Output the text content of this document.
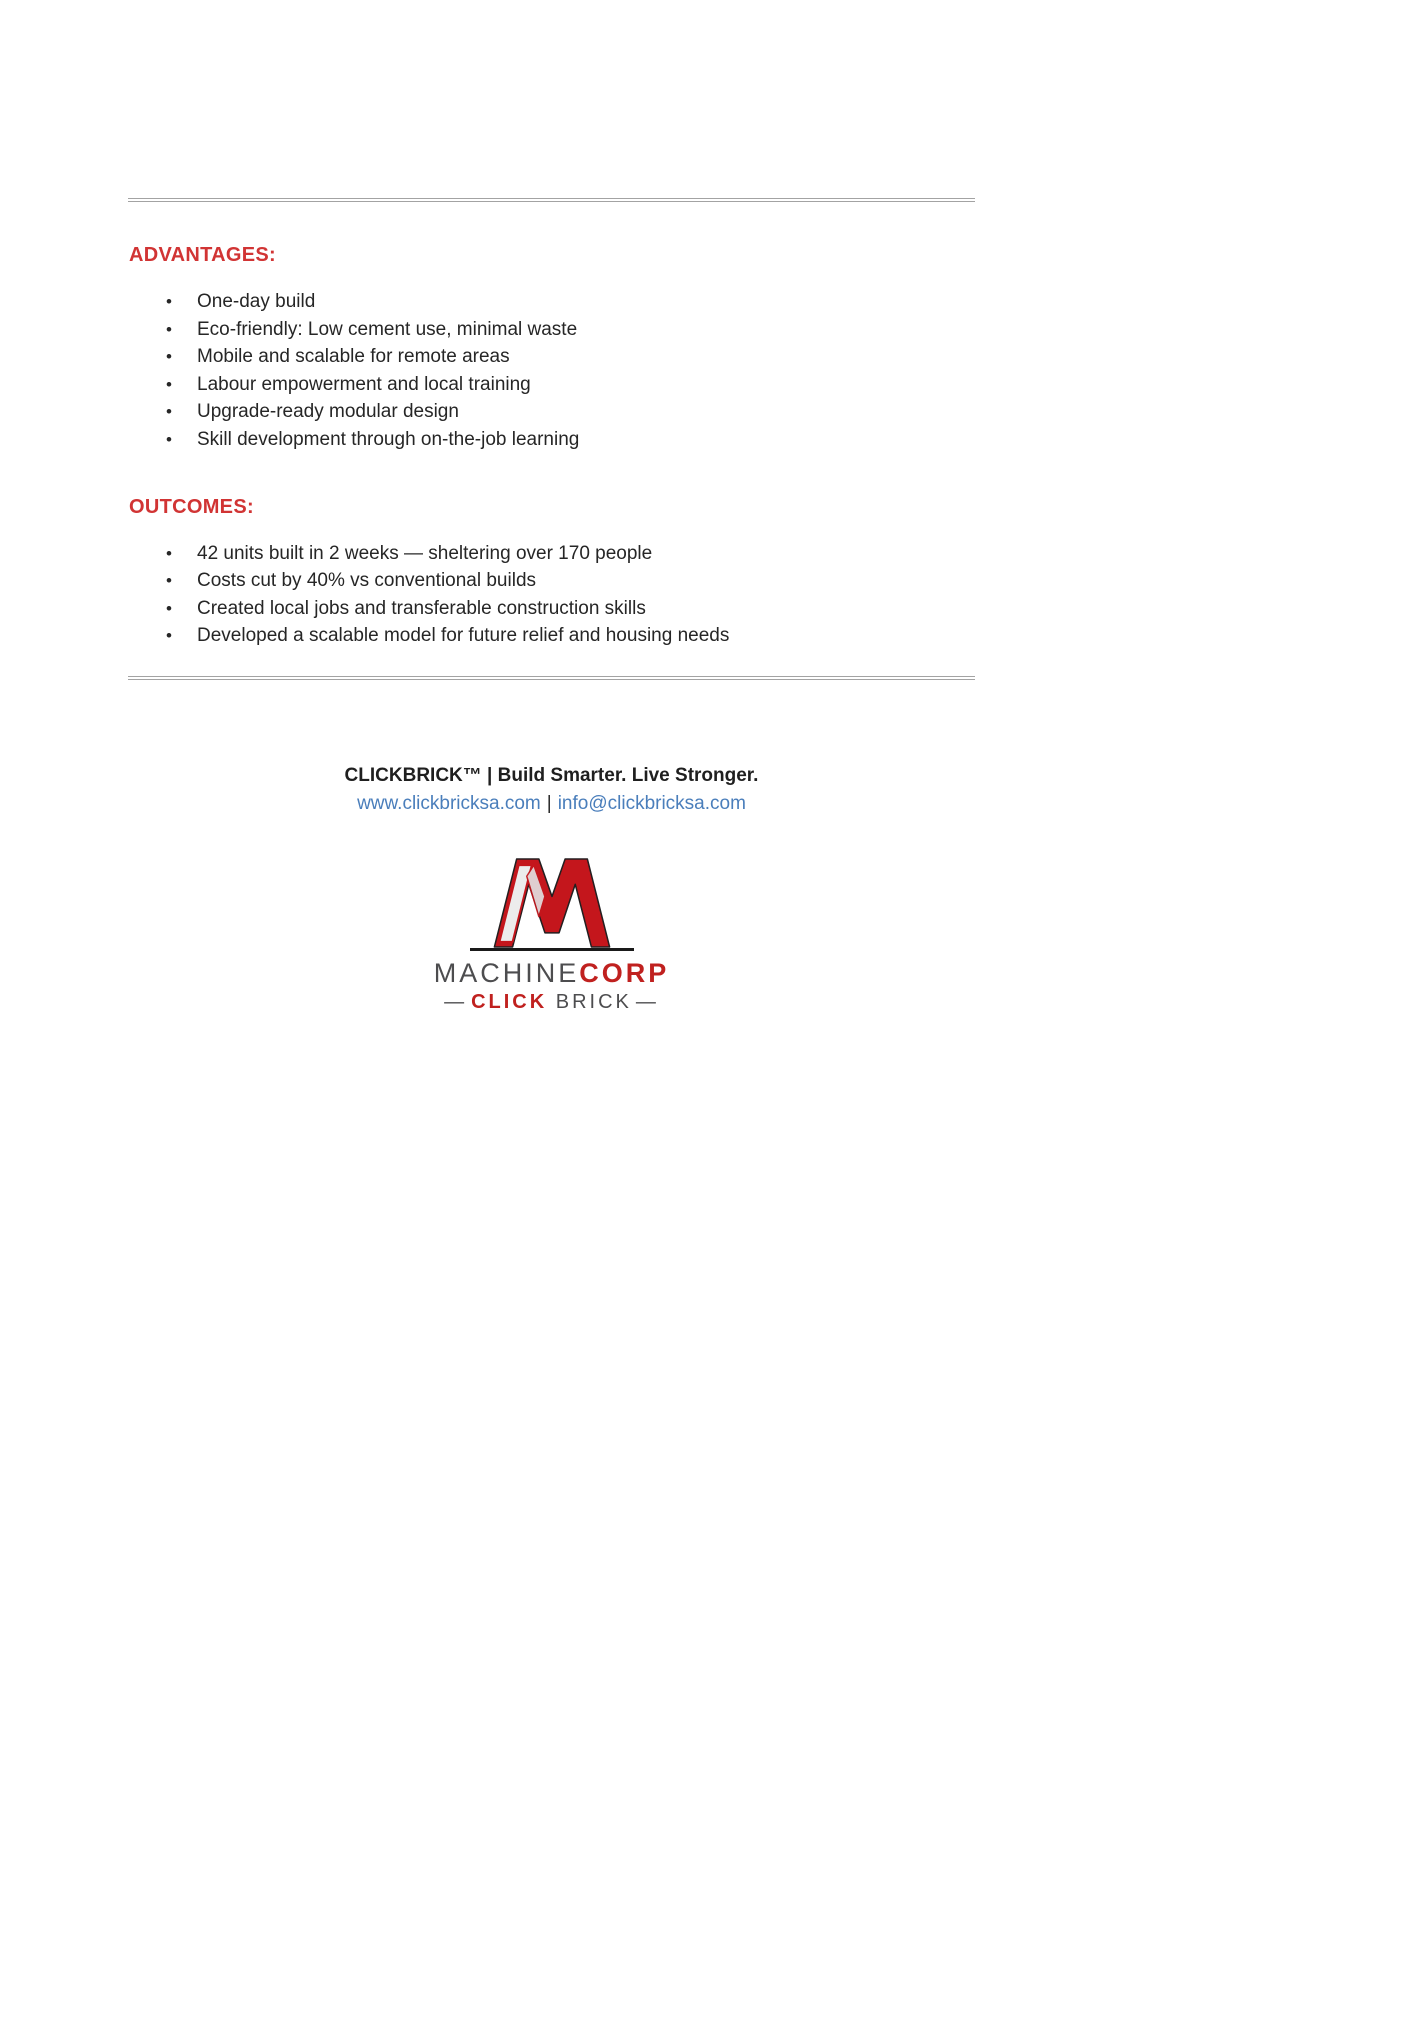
ADVANTAGES:
• One-day build
• Eco-friendly: Low cement use, minimal waste
• Mobile and scalable for remote areas
• Labour empowerment and local training
• Upgrade-ready modular design
• Skill development through on-the-job learning
OUTCOMES:
• 42 units built in 2 weeks — sheltering over 170 people
• Costs cut by 40% vs conventional builds
• Created local jobs and transferable construction skills
• Developed a scalable model for future relief and housing needs

CLICKBRICK™ | Build Smarter. Live Stronger.

www.clickbricksa.com | info@clickbricksa.com

MACHINECORP
— CLICK BRICK —
